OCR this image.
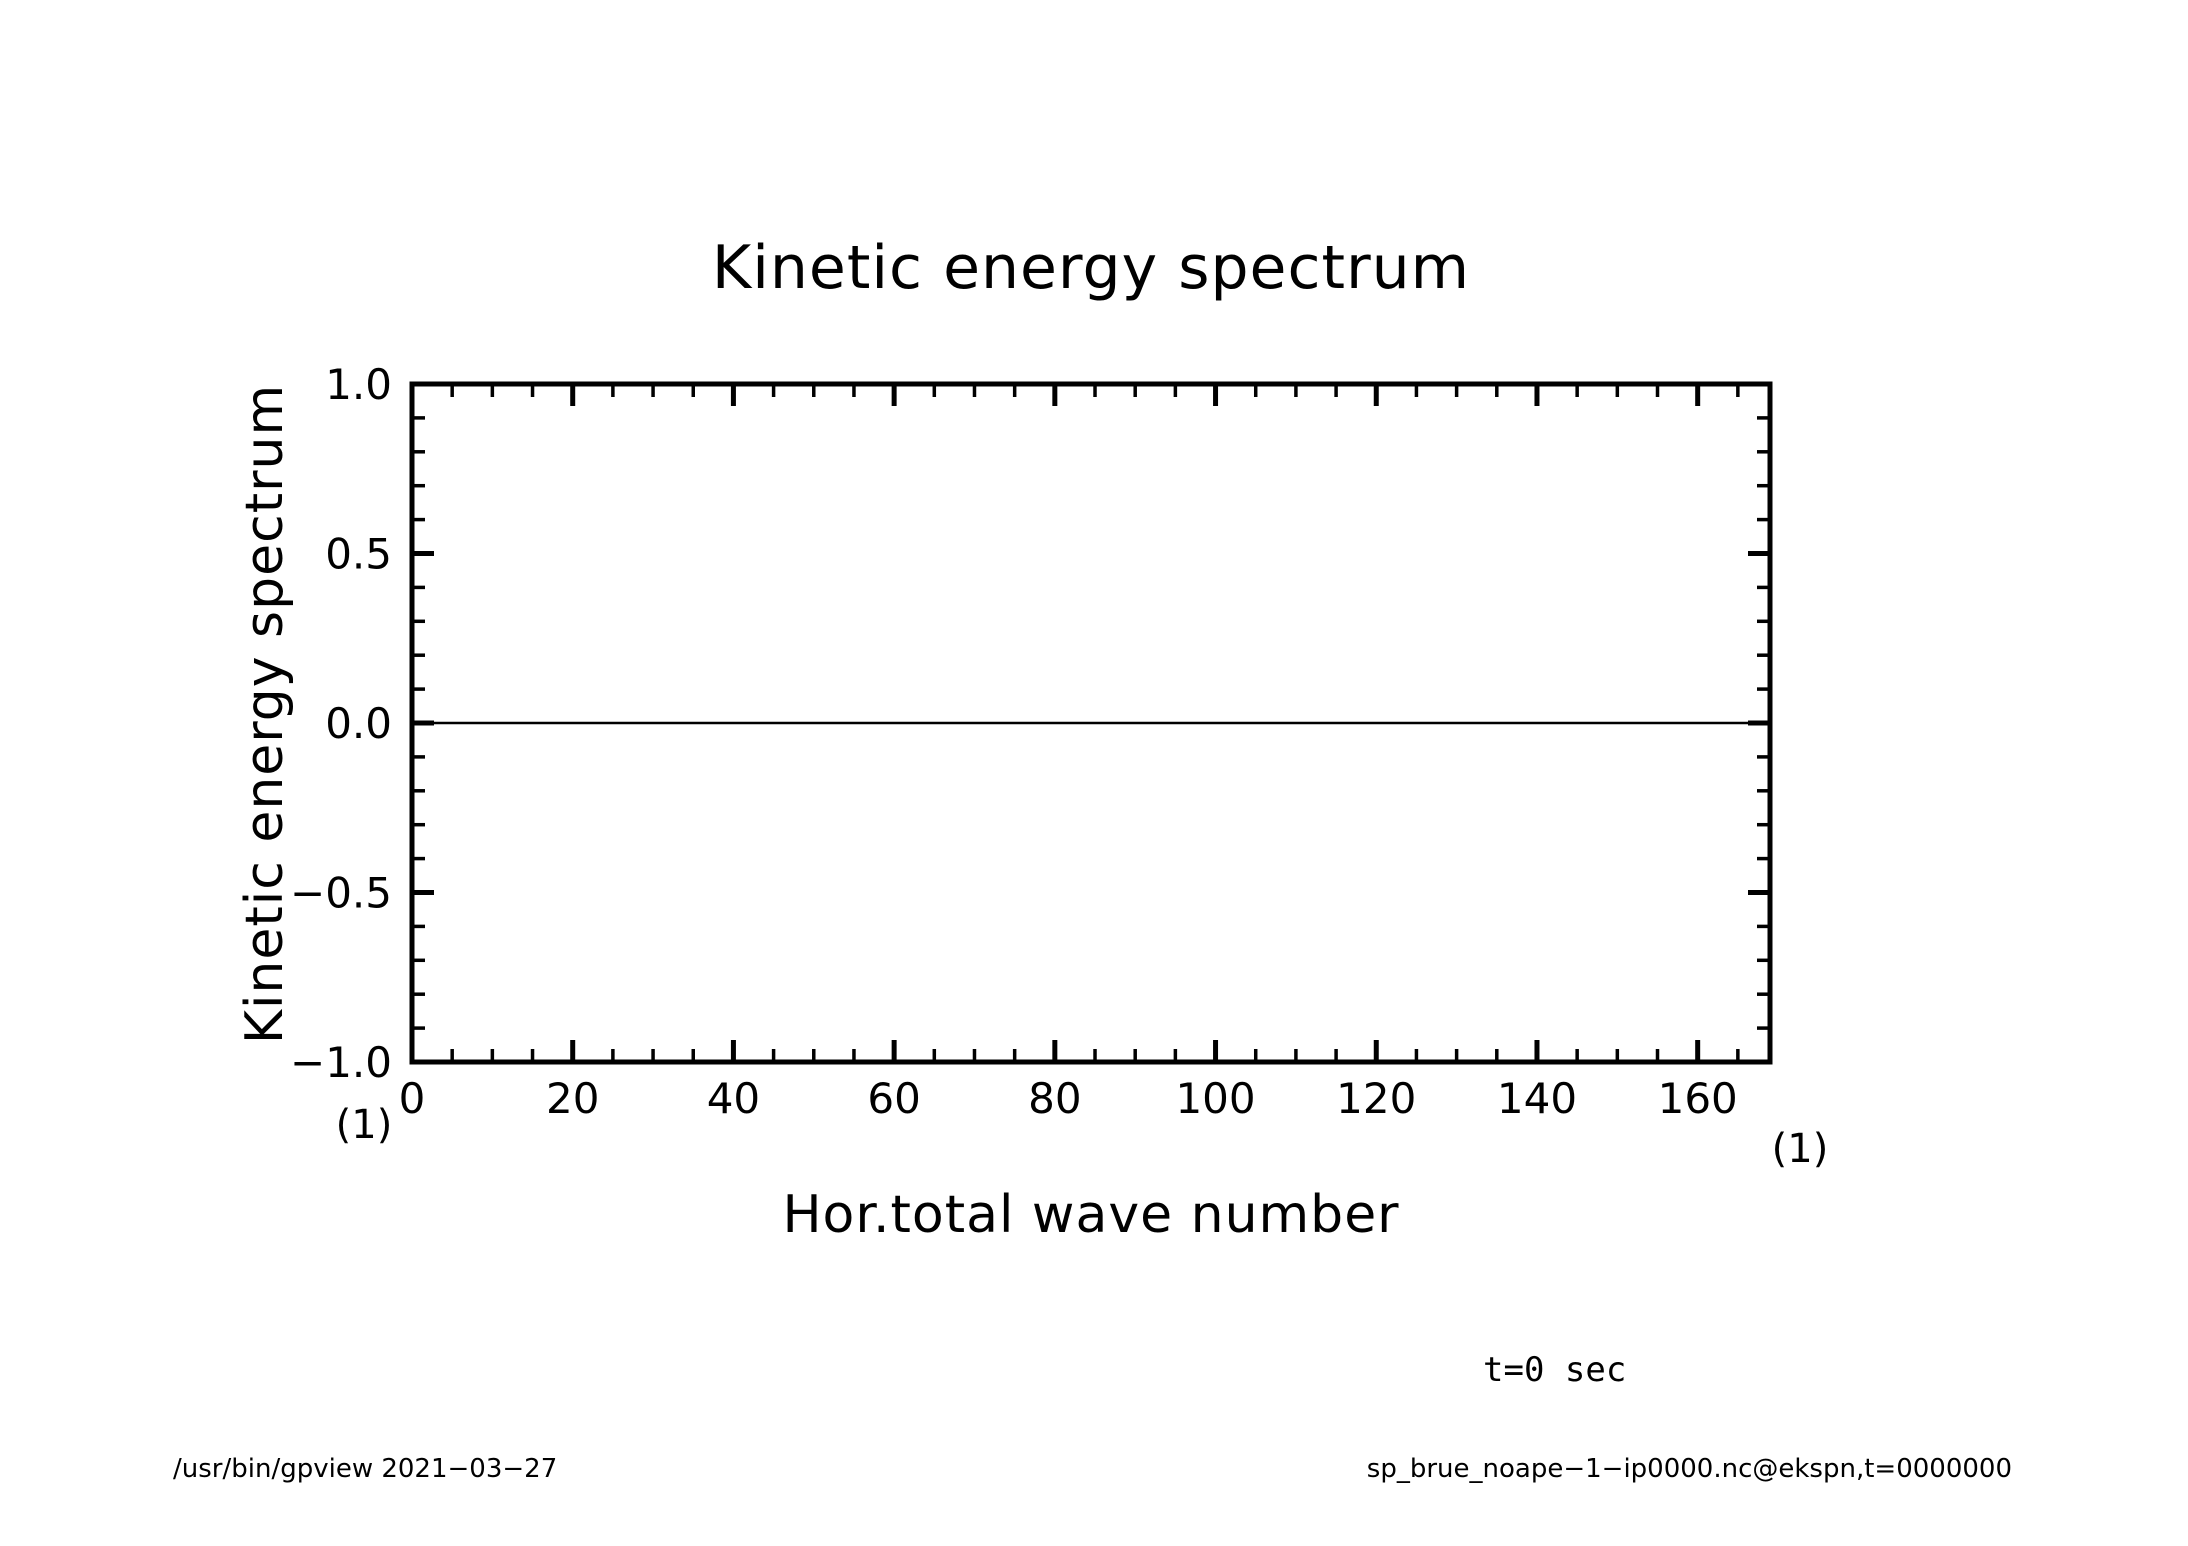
0	20	40	60	80 100 120 140 160
−1.0
−0.5
0.0
0.5
1.0
Kinetic energy spectrum
Kinetic energy spectrum
Hor.total wave number
(1)
(1)
t=0 sec
/usr/bin/gpview 2021−03−27	sp_brue_noape−1−ip0000.nc@ekspn,t=0000000
